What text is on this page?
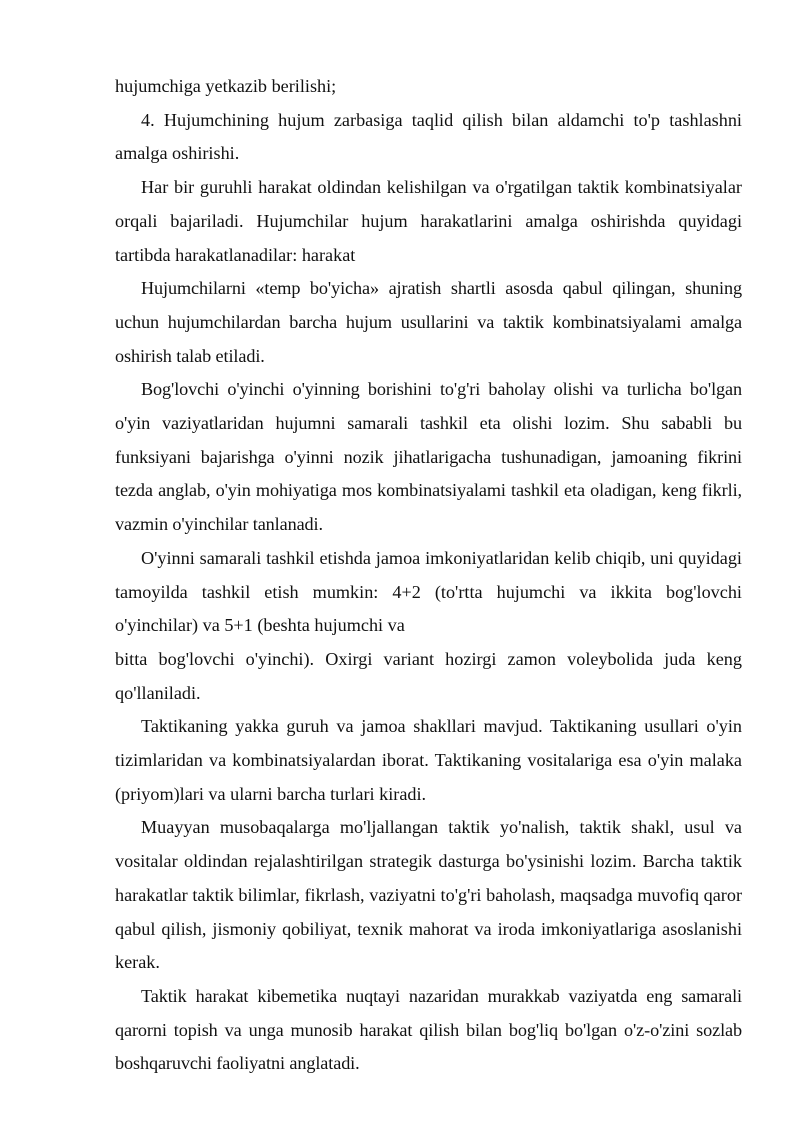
hujumchiga yetkazib berilishi;

4. Hujumchining hujum zarbasiga taqlid qilish bilan aldamchi to'p tashlashni amalga oshirishi.

Har bir guruhli harakat oldindan kelishilgan va o'rgatilgan taktik kombinatsiyalar orqali bajariladi. Hujumchilar hujum harakatlarini amalga oshirishda quyidagi tartibda harakatlanadilar: harakat

Hujumchilarni «temp bo'yicha» ajratish shartli asosda qabul qilingan, shuning uchun hujumchilardan barcha hujum usullarini va taktik kombinatsiyalami amalga oshirish talab etiladi.

Bog'lovchi o'yinchi o'yinning borishini to'g'ri baholay olishi va turlicha bo'lgan o'yin vaziyatlaridan hujumni samarali tashkil eta olishi lozim. Shu sababli bu funksiyani bajarishga o'yinni nozik jihatlarigacha tushunadigan, jamoaning fikrini tezda anglab, o'yin mohiyatiga mos kombinatsiyalami tashkil eta oladigan, keng fikrli, vazmin o'yinchilar tanlanadi.

O'yinni samarali tashkil etishda jamoa imkoniyatlaridan kelib chiqib, uni quyidagi tamoyilda tashkil etish mumkin: 4+2 (to'rtta hujumchi va ikkita bog'lovchi o'yinchilar) va 5+1 (beshta hujumchi va

bitta bog'lovchi o'yinchi). Oxirgi variant hozirgi zamon voleybolida juda keng qo'llaniladi.

Taktikaning yakka guruh va jamoa shakllari mavjud. Taktikaning usullari o'yin tizimlaridan va kombinatsiyalardan iborat. Taktikaning vositalariga esa o'yin malaka (priyom)lari va ularni barcha turlari kiradi.

Muayyan musobaqalarga mo'ljallangan taktik yo'nalish, taktik shakl, usul va vositalar oldindan rejalashtirilgan strategik dasturga bo'ysinishi lozim. Barcha taktik harakatlar taktik bilimlar, fikrlash, vaziyatni to'g'ri baholash, maqsadga muvofiq qaror qabul qilish, jismoniy qobiliyat, texnik mahorat va iroda imkoniyatlariga asoslanishi kerak.

Taktik harakat kibemetika nuqtayi nazaridan murakkab vaziyatda eng samarali qarorni topish va unga munosib harakat qilish bilan bog'liq bo'lgan o'z-o'zini sozlab boshqaruvchi faoliyatni anglatadi.
